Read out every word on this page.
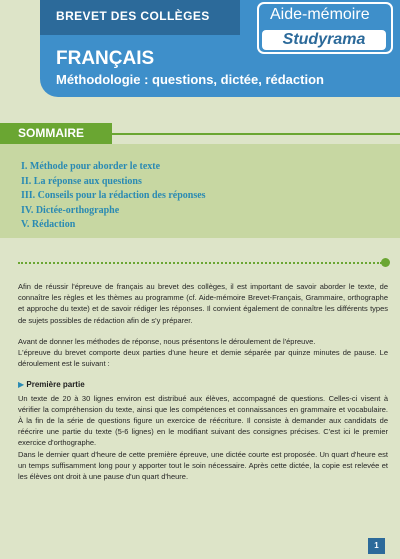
BREVET DES COLLÈGES	Aide-mémoire
Studyrama
FRANÇAIS
Méthodologie : questions, dictée, rédaction
SOMMAIRE
I. Méthode pour aborder le texte
II. La réponse aux questions
III. Conseils pour la rédaction des réponses
IV. Dictée-orthographe
V. Rédaction

Afin de réussir l'épreuve de français au brevet des collèges, il est important de savoir aborder le texte, de connaître les règles et les thèmes au programme (cf. Aide-mémoire Brevet-Français, Grammaire, orthographe et approche du texte) et de savoir rédiger les réponses. Il convient également de connaître les différents types de sujets possibles de rédaction afin de s'y préparer.

Avant de donner les méthodes de réponse, nous présentons le déroulement de l'épreuve.

L'épreuve du brevet comporte deux parties d'une heure et demie séparée par quinze minutes de pause. Le déroulement est le suivant :

▶ Première partie

Un texte de 20 à 30 lignes environ est distribué aux élèves, accompagné de questions. Celles-ci visent à vérifier la compréhension du texte, ainsi que les compétences et connaissances en grammaire et vocabulaire. À la fin de la série de questions figure un exercice de réécriture. Il consiste à demander aux candidats de réécrire une partie du texte (5-6 lignes) en le modifiant suivant des consignes précises. C'est ici le premier exercice d'orthographe.

Dans le dernier quart d'heure de cette première épreuve, une dictée courte est proposée. Un quart d'heure est un temps suffisamment long pour y apporter tout le soin nécessaire. Après cette dictée, la copie est relevée et les élèves ont droit à une pause d'un quart d'heure.

1
